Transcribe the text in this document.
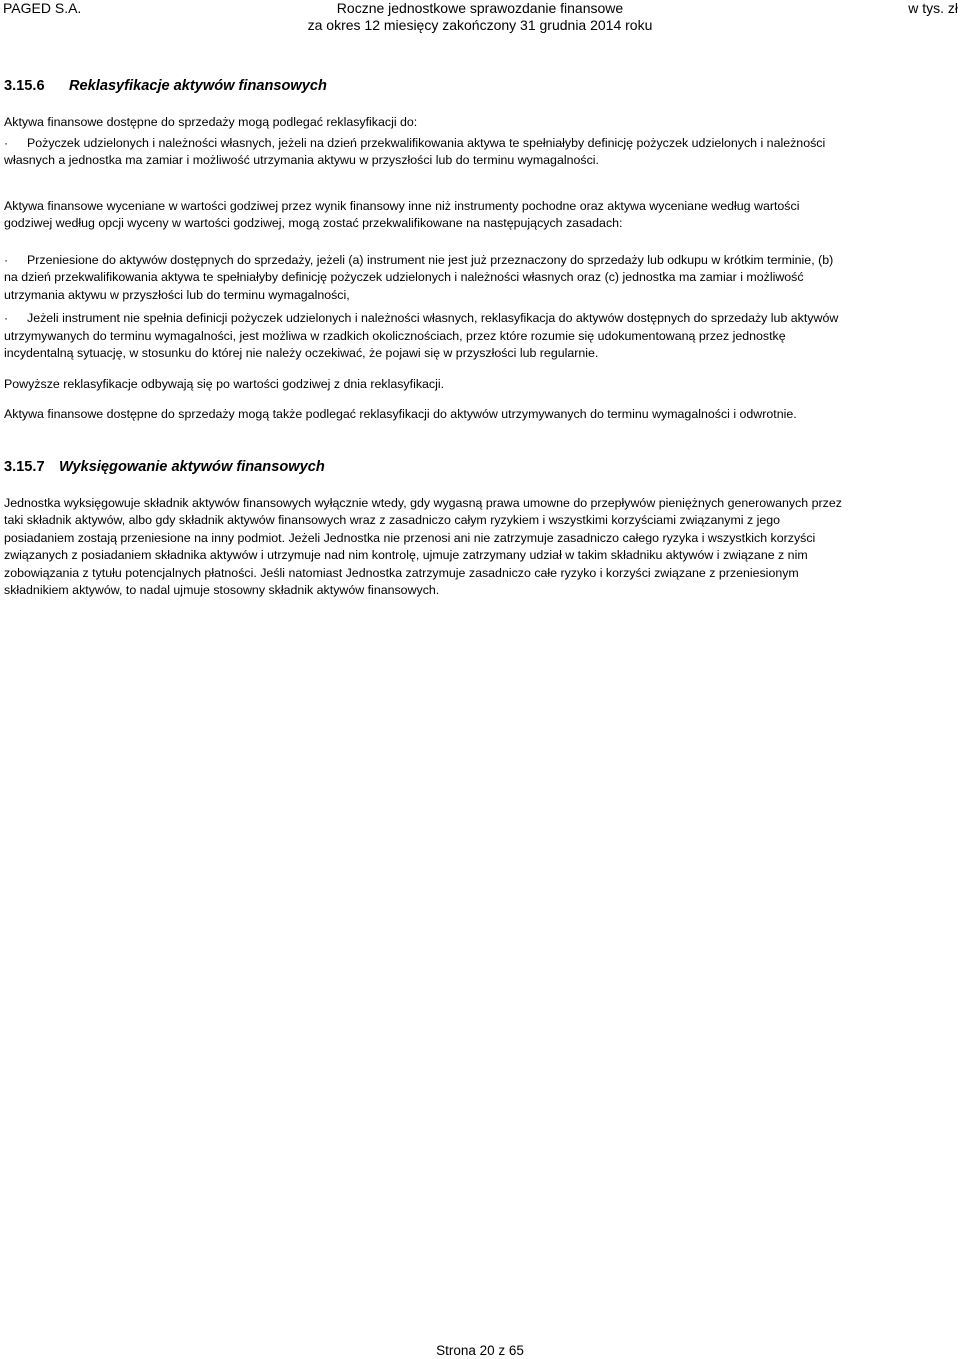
PAGED S.A.	Roczne jednostkowe sprawozdanie finansowe
za okres 12 miesięcy zakończony 31 grudnia 2014 roku
w tys. zł
3.15.6 Reklasyfikacje aktywów finansowych

Aktywa finansowe dostępne do sprzedaży mogą podlegać reklasyfikacji do:

· Pożyczek udzielonych i należności własnych, jeżeli na dzień przekwalifikowania aktywa te spełniałyby definicję pożyczek udzielonych i należności własnych a jednostka ma zamiar i możliwość utrzymania aktywu w przyszłości lub do terminu wymagalności.

Aktywa finansowe wyceniane w wartości godziwej przez wynik finansowy inne niż instrumenty pochodne oraz aktywa wyceniane według wartości godziwej według opcji wyceny w wartości godziwej, mogą zostać przekwalifikowane na następujących zasadach:

· Przeniesione do aktywów dostępnych do sprzedaży, jeżeli (a) instrument nie jest już przeznaczony do sprzedaży lub odkupu w krótkim terminie, (b) na dzień przekwalifikowania aktywa te spełniałyby definicję pożyczek udzielonych i należności własnych oraz (c) jednostka ma zamiar i możliwość utrzymania aktywu w przyszłości lub do terminu wymagalności,

· Jeżeli instrument nie spełnia definicji pożyczek udzielonych i należności własnych, reklasyfikacja do aktywów dostępnych do sprzedaży lub aktywów utrzymywanych do terminu wymagalności, jest możliwa w rzadkich okolicznościach, przez które rozumie się udokumentowaną przez jednostkę incydentalną sytuację, w stosunku do której nie należy oczekiwać, że pojawi się w przyszłości lub regularnie.

Powyższe reklasyfikacje odbywają się po wartości godziwej z dnia reklasyfikacji.

Aktywa finansowe dostępne do sprzedaży mogą także podlegać reklasyfikacji do aktywów utrzymywanych do terminu wymagalności i odwrotnie.

3.15.7 Wyksięgowanie aktywów finansowych

Jednostka wyksięgowuje składnik aktywów finansowych wyłącznie wtedy, gdy wygasną prawa umowne do przepływów pieniężnych generowanych przez taki składnik aktywów, albo gdy składnik aktywów finansowych wraz z zasadniczo całym ryzykiem i wszystkimi korzyściami związanymi z jego posiadaniem zostają przeniesione na inny podmiot. Jeżeli Jednostka nie przenosi ani nie zatrzymuje zasadniczo całego ryzyka i wszystkich korzyści związanych z posiadaniem składnika aktywów i utrzymuje nad nim kontrolę, ujmuje zatrzymany udział w takim składniku aktywów i związane z nim zobowiązania z tytułu potencjalnych płatności. Jeśli natomiast Jednostka zatrzymuje zasadniczo całe ryzyko i korzyści związane z przeniesionym składnikiem aktywów, to nadal ujmuje stosowny składnik aktywów finansowych.

Strona 20 z 65
